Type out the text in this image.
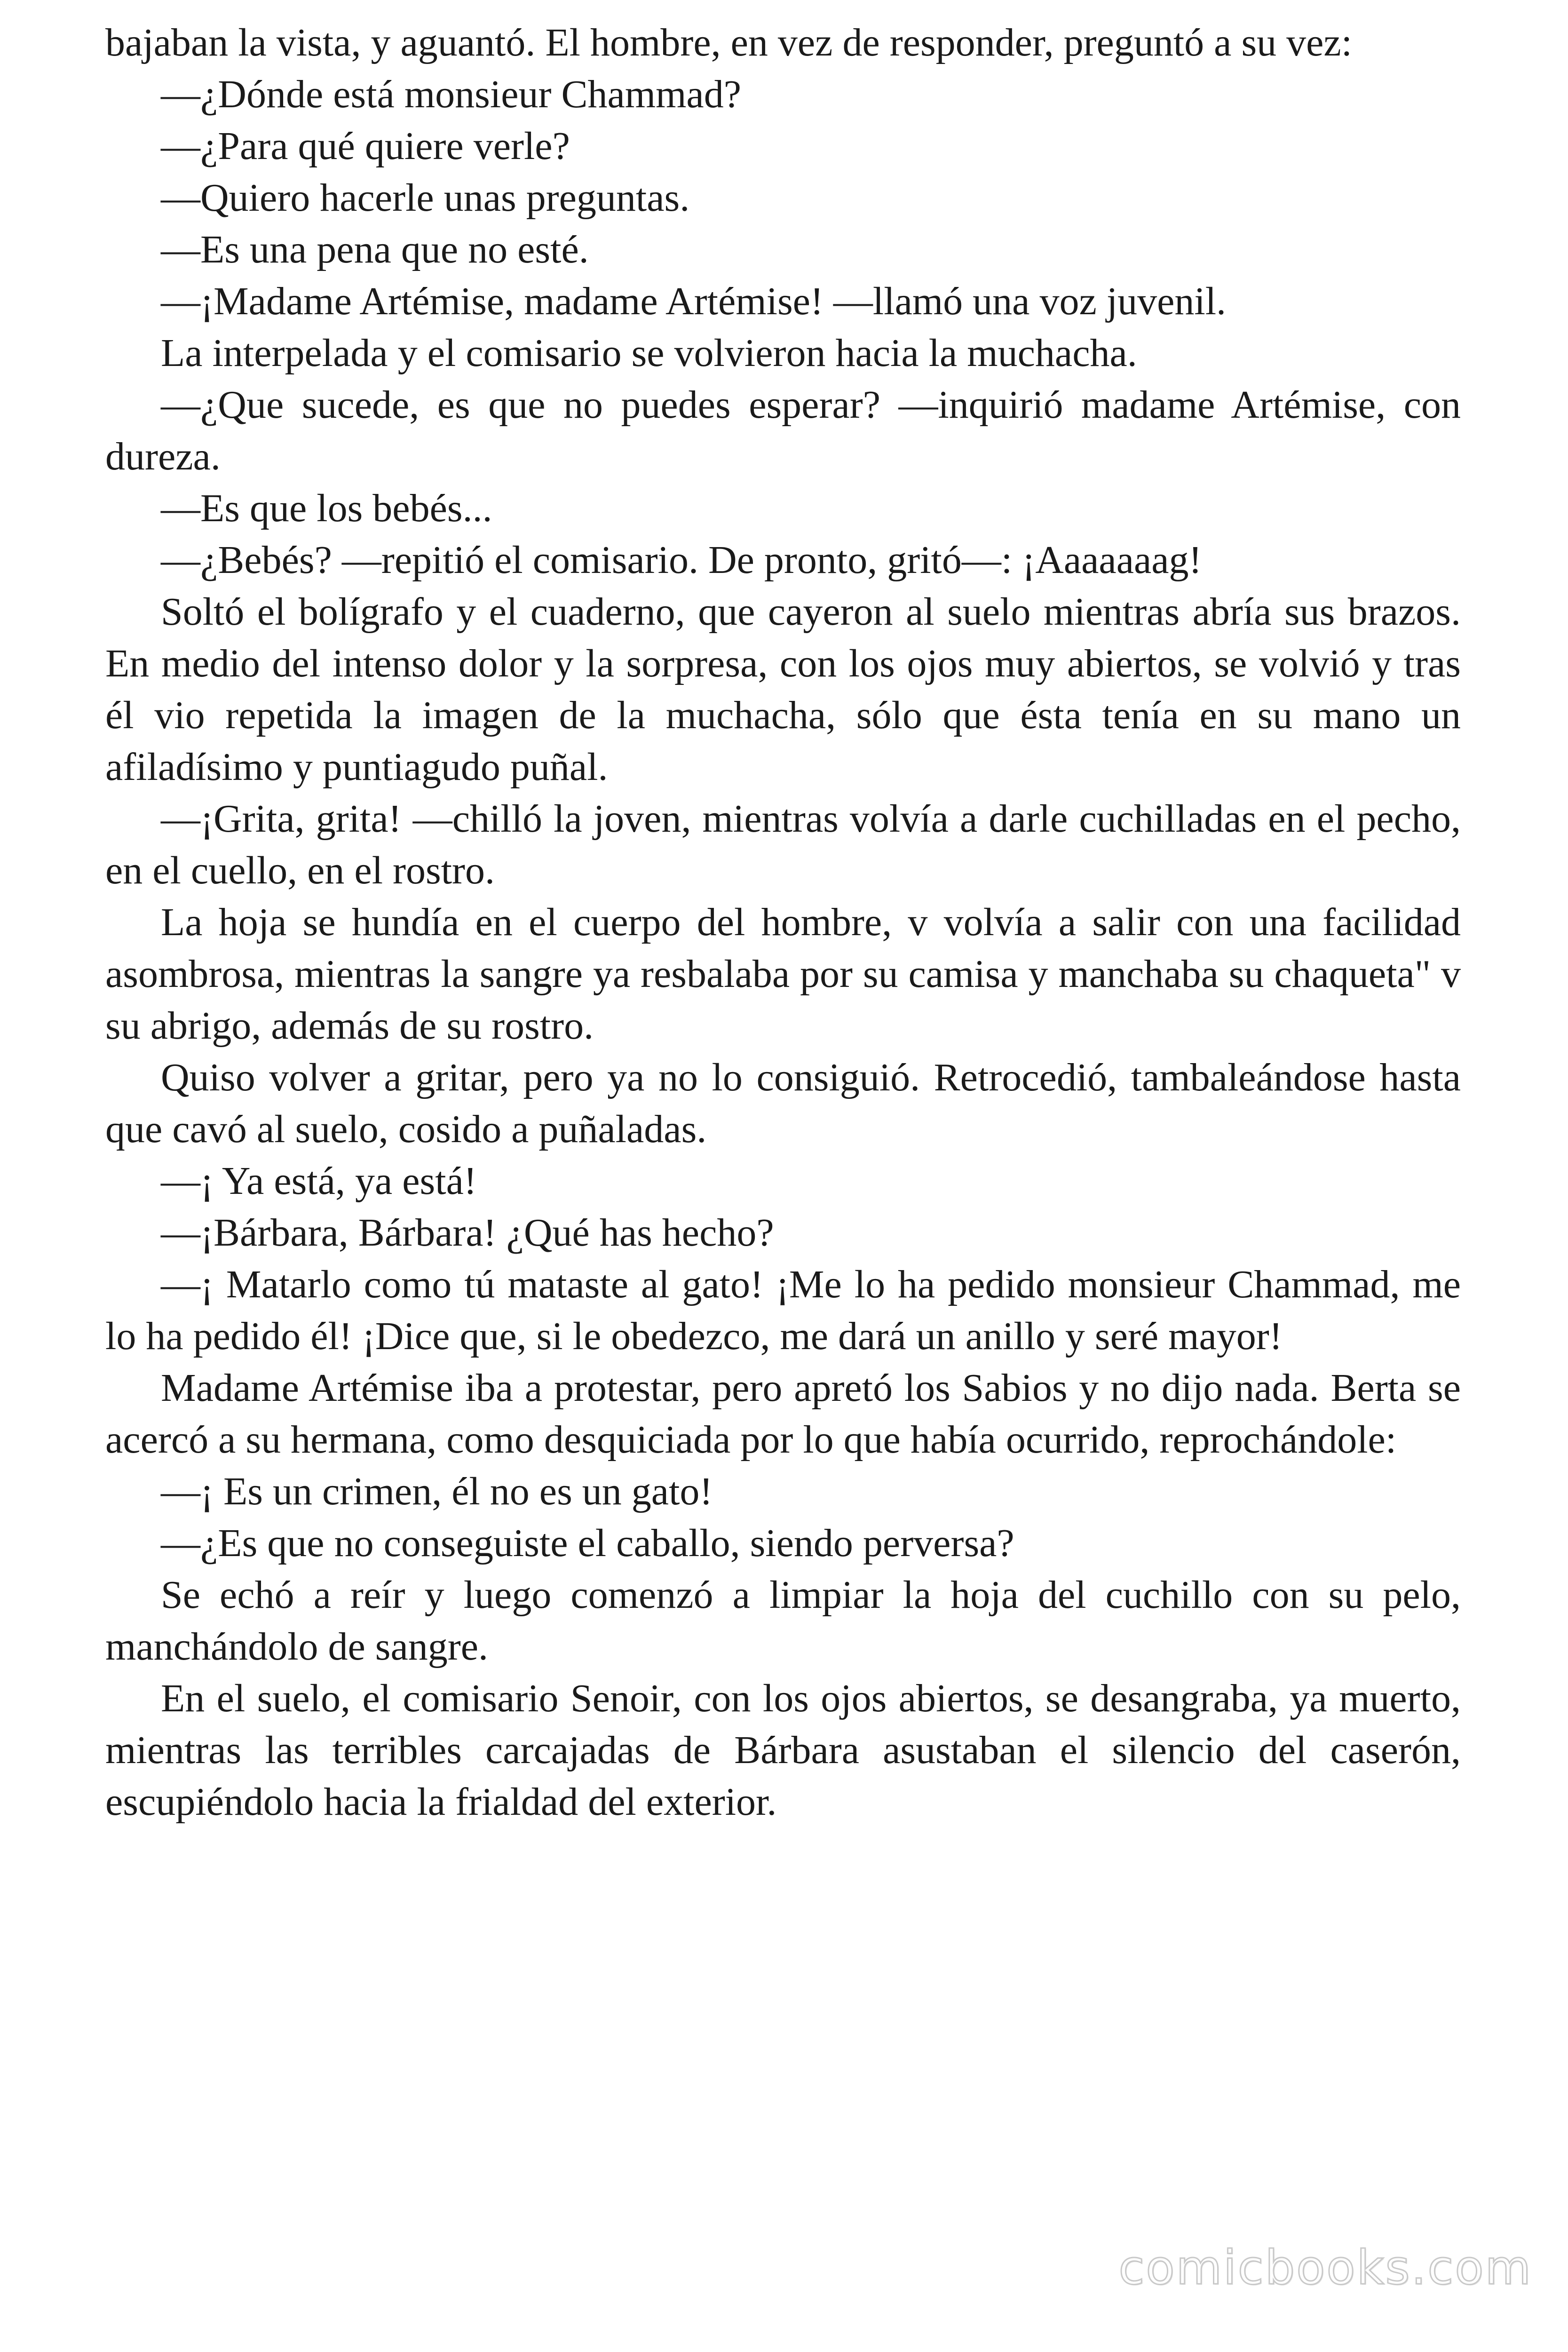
bajaban la vista, y aguantó. El hombre, en vez de responder, preguntó a su vez:

—¿Dónde está monsieur Chammad?

—¿Para qué quiere verle?

—Quiero hacerle unas preguntas.

—Es una pena que no esté.

—¡Madame Artémise, madame Artémise! —llamó una voz juvenil.

La interpelada y el comisario se volvieron hacia la muchacha.

—¿Que sucede, es que no puedes esperar? —inquirió madame Artémise, con dureza.

—Es que los bebés...

—¿Bebés? —repitió el comisario. De pronto, gritó—: ¡Aaaaaaag!

Soltó el bolígrafo y el cuaderno, que cayeron al suelo mientras abría sus brazos. En medio del intenso dolor y la sorpresa, con los ojos muy abiertos, se volvió y tras él vio repetida la imagen de la muchacha, sólo que ésta tenía en su mano un afiladísimo y puntiagudo puñal.

—¡Grita, grita! —chilló la joven, mientras volvía a darle cuchilladas en el pecho, en el cuello, en el rostro.

La hoja se hundía en el cuerpo del hombre, v volvía a salir con una facilidad asombrosa, mientras la sangre ya resbalaba por su camisa y manchaba su chaqueta" v su abrigo, además de su rostro.

Quiso volver a gritar, pero ya no lo consiguió. Retrocedió, tambaleándose hasta que cavó al suelo, cosido a puñaladas.

—¡ Ya está, ya está!

—¡Bárbara, Bárbara! ¿Qué has hecho?

—¡ Matarlo como tú mataste al gato! ¡Me lo ha pedido monsieur Chammad, me lo ha pedido él! ¡Dice que, si le obedezco, me dará un anillo y seré mayor!

Madame Artémise iba a protestar, pero apretó los Sabios y no dijo nada. Berta se acercó a su hermana, como desquiciada por lo que había ocurrido, reprochándole:

—¡ Es un crimen, él no es un gato!

—¿Es que no conseguiste el caballo, siendo perversa?

Se echó a reír y luego comenzó a limpiar la hoja del cuchillo con su pelo, manchándolo de sangre.

En el suelo, el comisario Senoir, con los ojos abiertos, se desangraba, ya muerto, mientras las terribles carcajadas de Bárbara asustaban el silencio del caserón, escupiéndolo hacia la frialdad del exterior.

comicbooks.com
